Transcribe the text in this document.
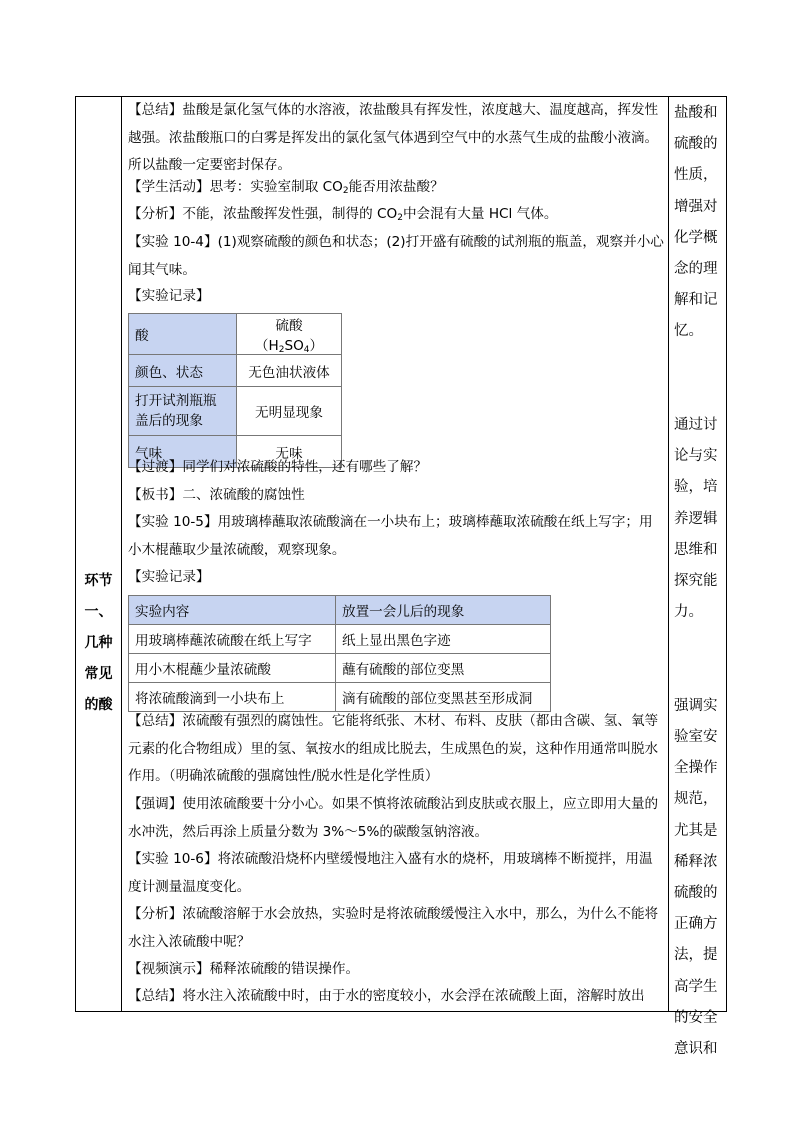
环节
一、
几种
常见
的酸

【总结】盐酸是氯化氢气体的水溶液，浓盐酸具有挥发性，浓度越大、温度越高，挥发性越强。浓盐酸瓶口的白雾是挥发出的氯化氢气体遇到空气中的水蒸气生成的盐酸小液滴。所以盐酸一定要密封保存。

【学生活动】思考：实验室制取 $CO_2$能否用浓盐酸？

【分析】不能，浓盐酸挥发性强，制得的 $CO_2$中会混有大量 HCl 气体。

【实验 10-4】(1)观察硫酸的颜色和状态；(2)打开盛有硫酸的试剂瓶的瓶盖，观察并小心闻其气味。

【实验记录】

酸	硫酸$(H_2SO_4)$
颜色、状态	无色油状液体
打开试剂瓶瓶盖后的现象	无明显现象
气味	无味

【过渡】同学们对浓硫酸的特性，还有哪些了解？

【板书】二、浓硫酸的腐蚀性

【实验 10-5】用玻璃棒蘸取浓硫酸滴在一小块布上；玻璃棒蘸取浓硫酸在纸上写字；用小木棍蘸取少量浓硫酸，观察现象。

【实验记录】

实验内容	放置一会儿后的现象
用玻璃棒蘸浓硫酸在纸上写字	纸上显出黑色字迹
用小木棍蘸少量浓硫酸	蘸有硫酸的部位变黑
将浓硫酸滴到一小块布上	滴有硫酸的部位变黑甚至形成洞

【总结】浓硫酸有强烈的腐蚀性。它能将纸张、木材、布料、皮肤（都由含碳、氢、氧等元素的化合物组成）里的氢、氧按水的组成比脱去，生成黑色的炭，这种作用通常叫脱水作用。（明确浓硫酸的强腐蚀性/脱水性是化学性质）

【强调】使用浓硫酸要十分小心。如果不慎将浓硫酸沾到皮肤或衣服上，应立即用大量的水冲洗，然后再涂上质量分数为 3%～5%的碳酸氢钠溶液。

【实验 10-6】将浓硫酸沿烧杯内壁缓慢地注入盛有水的烧杯，用玻璃棒不断搅拌，用温度计测量温度变化。

【分析】浓硫酸溶解于水会放热，实验时是将浓硫酸缓慢注入水中，那么，为什么不能将水注入浓硫酸中呢？

【视频演示】稀释浓硫酸的错误操作。

【总结】将水注入浓硫酸中时，由于水的密度较小，水会浮在浓硫酸上面，溶解时放出

盐酸和
硫酸的
性质，
增强对
化学概
念的理
解和记
忆。
通过讨
论与实
验，培
养逻辑
思维和
探究能
力。
强调实
验室安
全操作
规范，
尤其是
稀释浓
硫酸的
正确方
法，提
高学生
的安全
意识和
